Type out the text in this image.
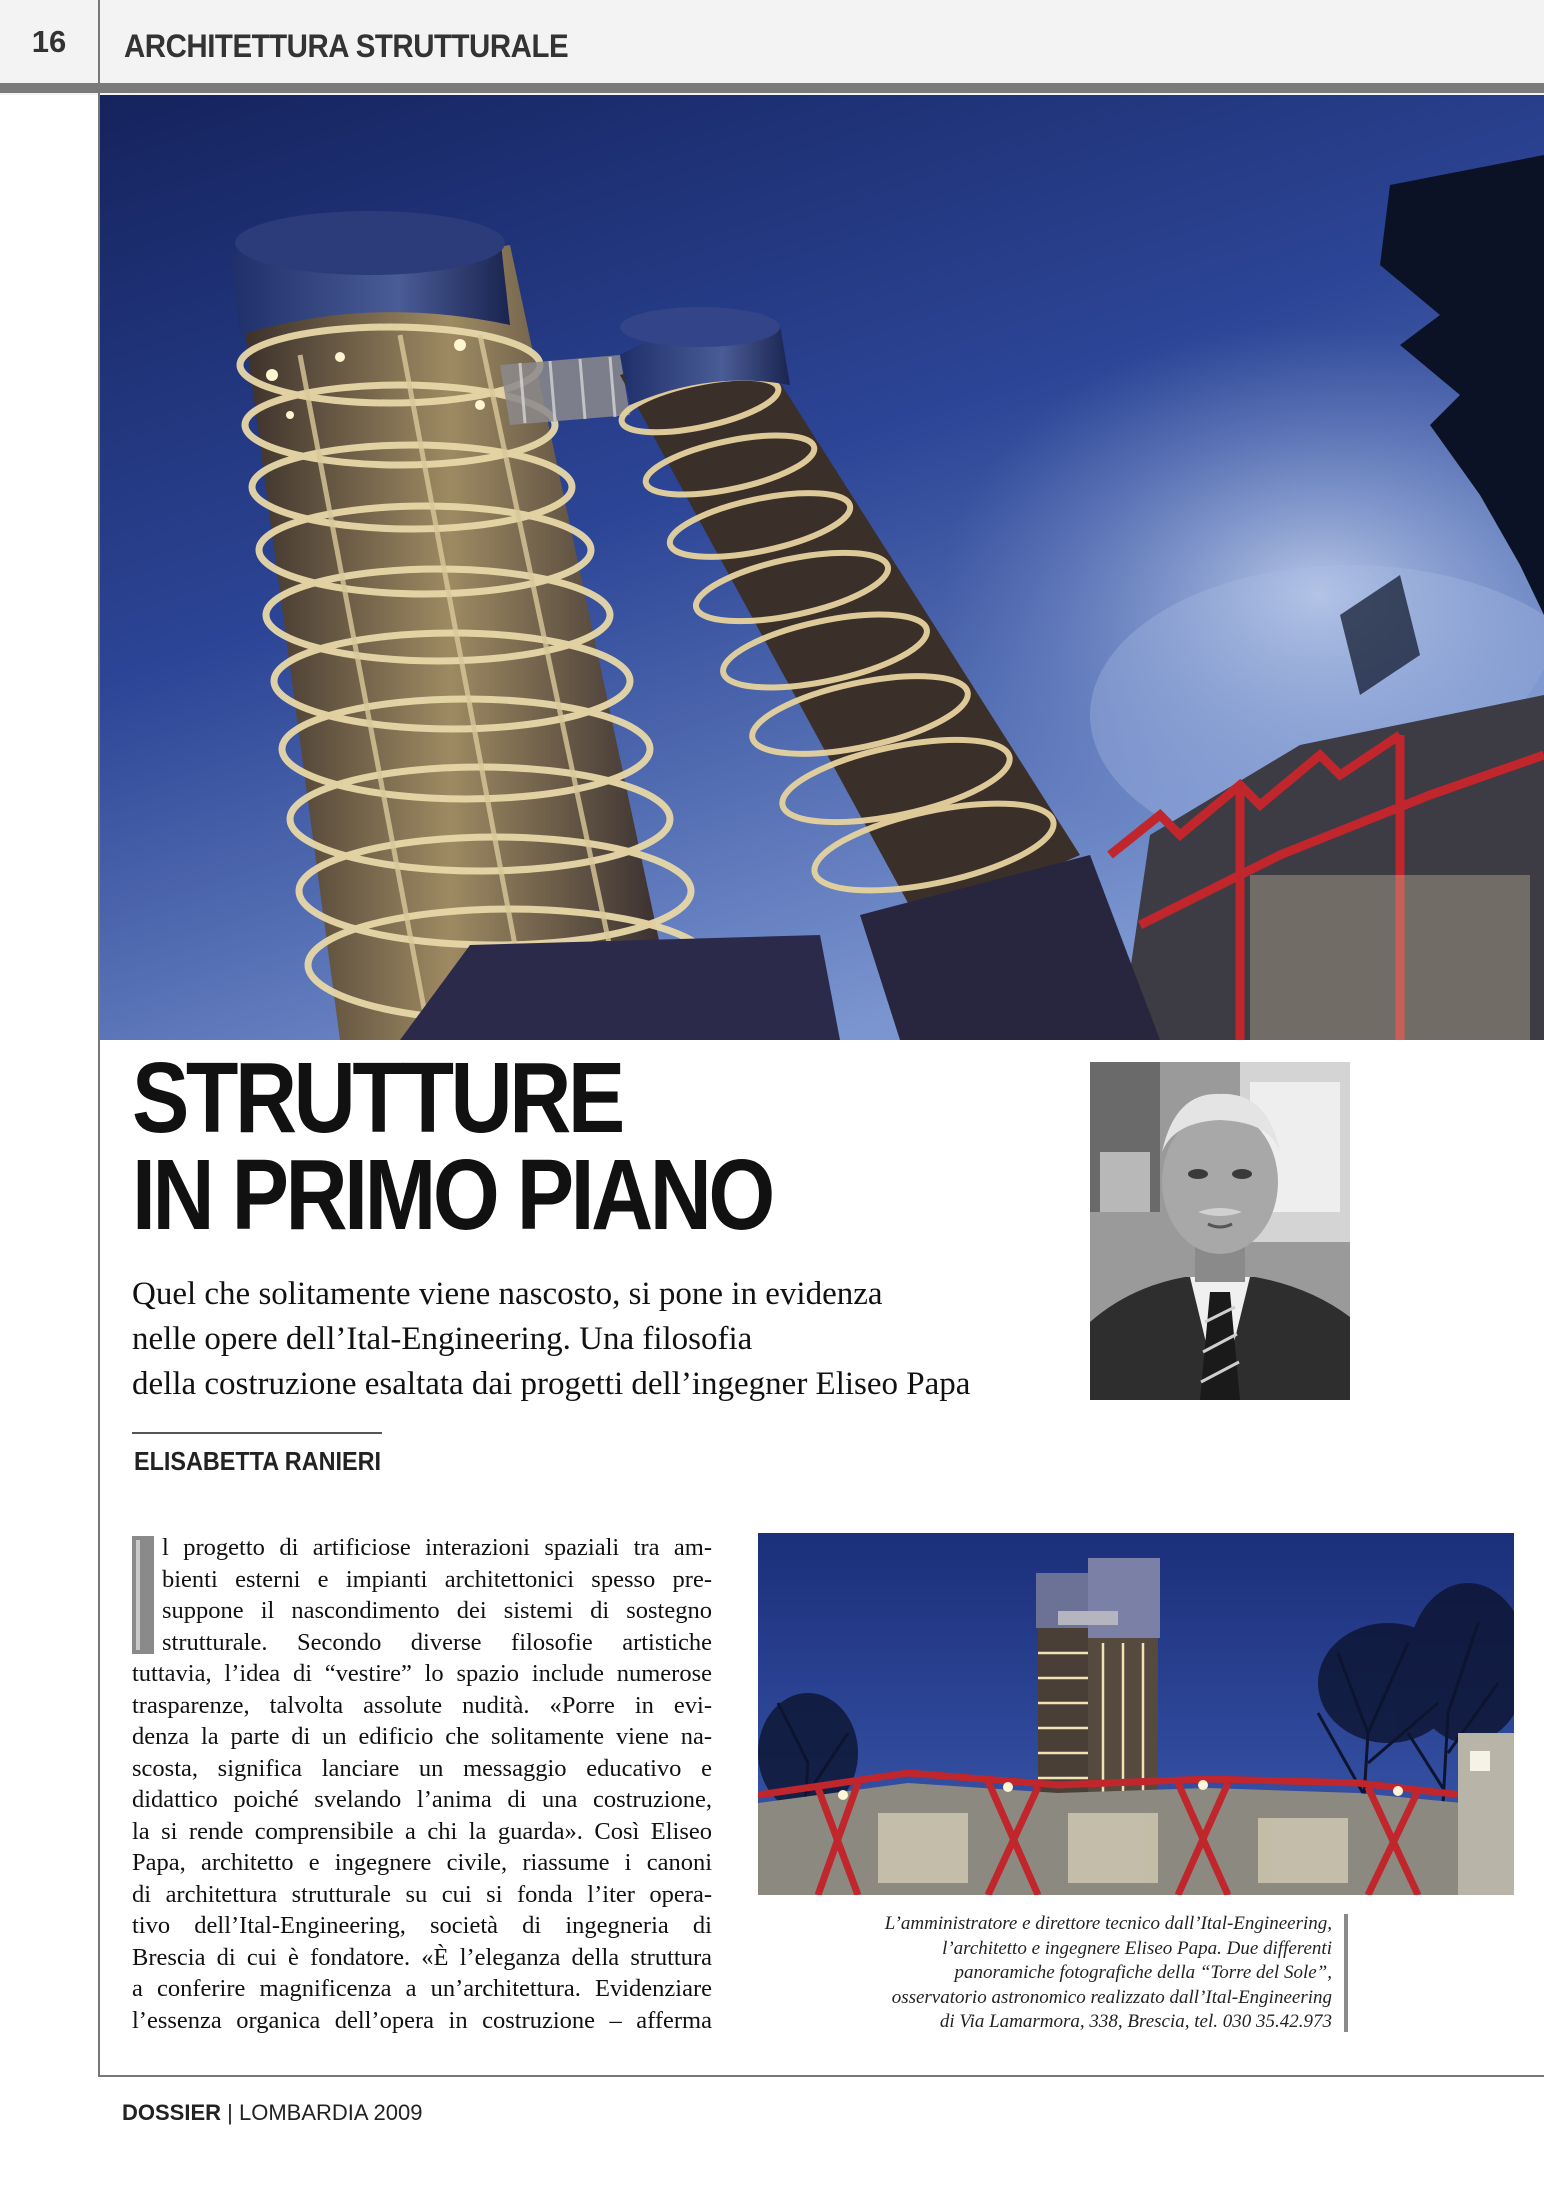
16	ARCHITETTURA STRUTTURALE
STRUTTURE
IN PRIMO PIANO
Quel che solitamente viene nascosto, si pone in evidenza
nelle opere dell’Ital-Engineering. Una filosofia
della costruzione esaltata dai progetti dell’ingegner Eliseo Papa
ELISABETTA RANIERI
l progetto di artificiose interazioni spaziali tra am-
bienti esterni e impianti architettonici spesso pre-
suppone il nascondimento dei sistemi di sostegno
strutturale. Secondo diverse filosofie artistiche
tuttavia, l’idea di “vestire” lo spazio include numerose
trasparenze, talvolta assolute nudità. «Porre in evi-
denza la parte di un edificio che solitamente viene na-
scosta, significa lanciare un messaggio educativo e
didattico poiché svelando l’anima di una costruzione,
la si rende comprensibile a chi la guarda». Così Eliseo
Papa, architetto e ingegnere civile, riassume i canoni
di architettura strutturale su cui si fonda l’iter opera-
tivo dell’Ital-Engineering, società di ingegneria di
Brescia di cui è fondatore. «È l’eleganza della struttura
a conferire magnificenza a un’architettura. Evidenziare
l’essenza organica dell’opera in costruzione – afferma
L’amministratore e direttore tecnico dall’Ital-Engineering,
l’architetto e ingegnere Eliseo Papa. Due differenti
panoramiche fotografiche della “Torre del Sole”,
osservatorio astronomico realizzato dall’Ital-Engineering
di Via Lamarmora, 338, Brescia, tel. 030 35.42.973
DOSSIER | LOMBARDIA 2009
